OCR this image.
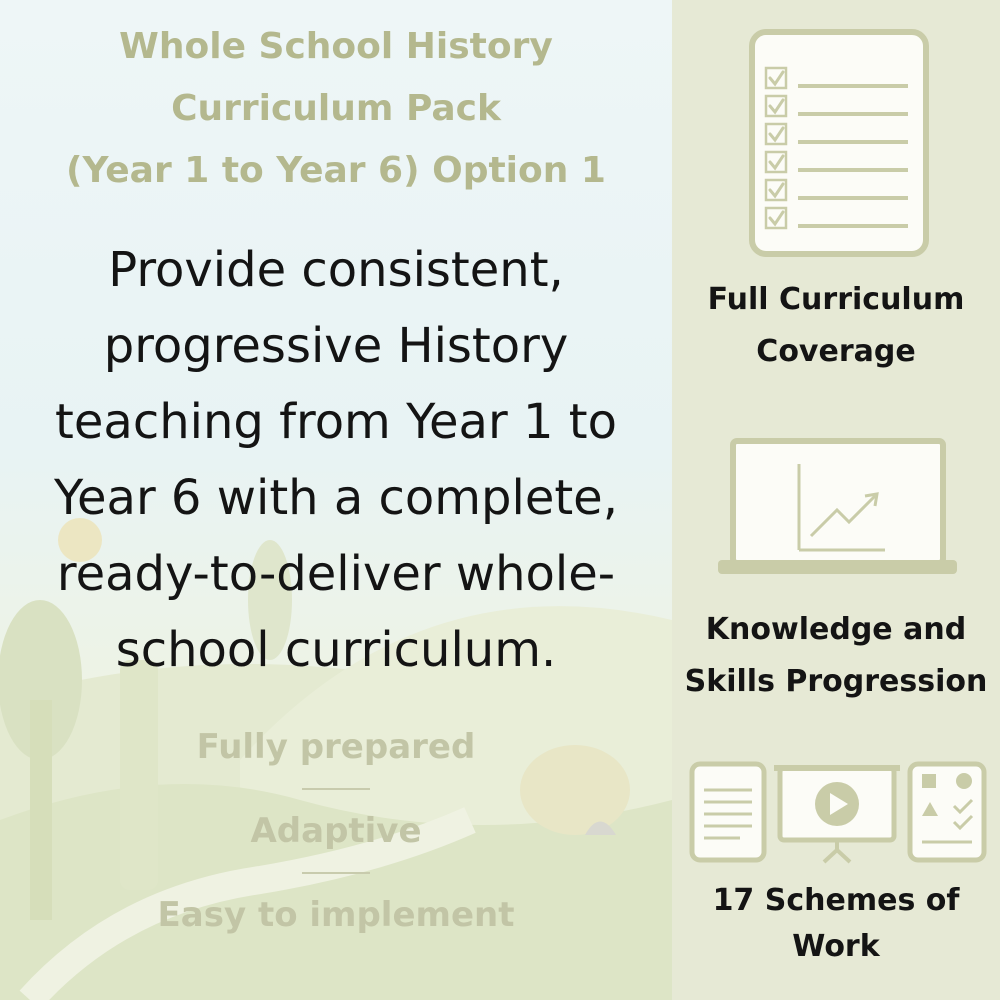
Whole School History
Curriculum Pack
(Year 1 to Year 6) Option 1
Provide consistent,
progressive History
teaching from Year 1 to
Year 6 with a complete,
ready-to-deliver whole-
school curriculum.
Fully prepared
Adaptive
Easy to implement
Full Curriculum
Coverage
Knowledge and
Skills Progression
17 Schemes of
Work
